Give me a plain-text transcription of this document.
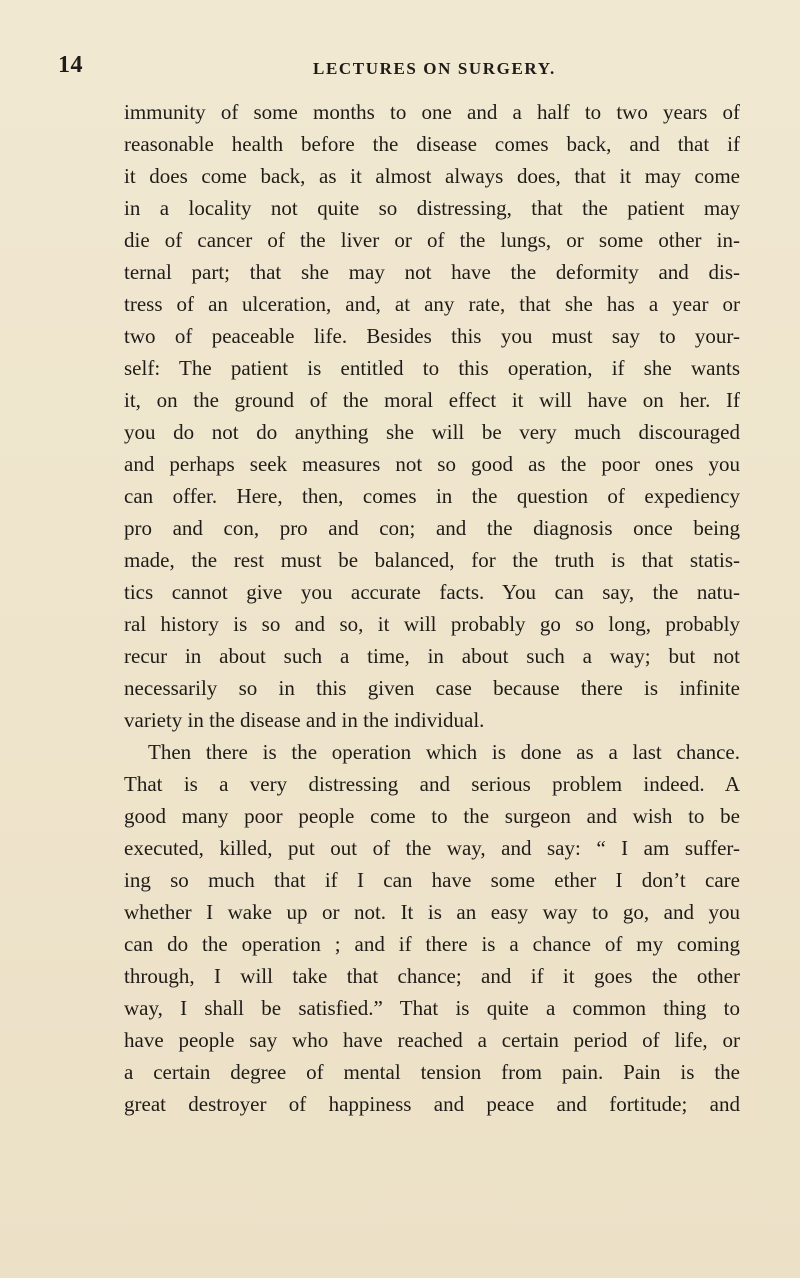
14	LECTURES ON SURGERY.
immunity of some months to one and a half to two years of
reasonable health before the disease comes back, and that if
it does come back, as it almost always does, that it may come
in a locality not quite so distressing, that the patient may
die of cancer of the liver or of the lungs, or some other in-
ternal part; that she may not have the deformity and dis-
tress of an ulceration, and, at any rate, that she has a year or
two of peaceable life. Besides this you must say to your-
self: The patient is entitled to this operation, if she wants
it, on the ground of the moral effect it will have on her. If
you do not do anything she will be very much discouraged
and perhaps seek measures not so good as the poor ones you
can offer. Here, then, comes in the question of expediency
pro and con, pro and con; and the diagnosis once being
made, the rest must be balanced, for the truth is that statis-
tics cannot give you accurate facts. You can say, the natu-
ral history is so and so, it will probably go so long, probably
recur in about such a time, in about such a way; but not
necessarily so in this given case because there is infinite
variety in the disease and in the individual.
Then there is the operation which is done as a last chance.
That is a very distressing and serious problem indeed. A
good many poor people come to the surgeon and wish to be
executed, killed, put out of the way, and say: “ I am suffer-
ing so much that if I can have some ether I don’t care
whether I wake up or not. It is an easy way to go, and you
can do the operation ; and if there is a chance of my coming
through, I will take that chance; and if it goes the other
way, I shall be satisfied.” That is quite a common thing to
have people say who have reached a certain period of life, or
a certain degree of mental tension from pain. Pain is the
great destroyer of happiness and peace and fortitude; and
